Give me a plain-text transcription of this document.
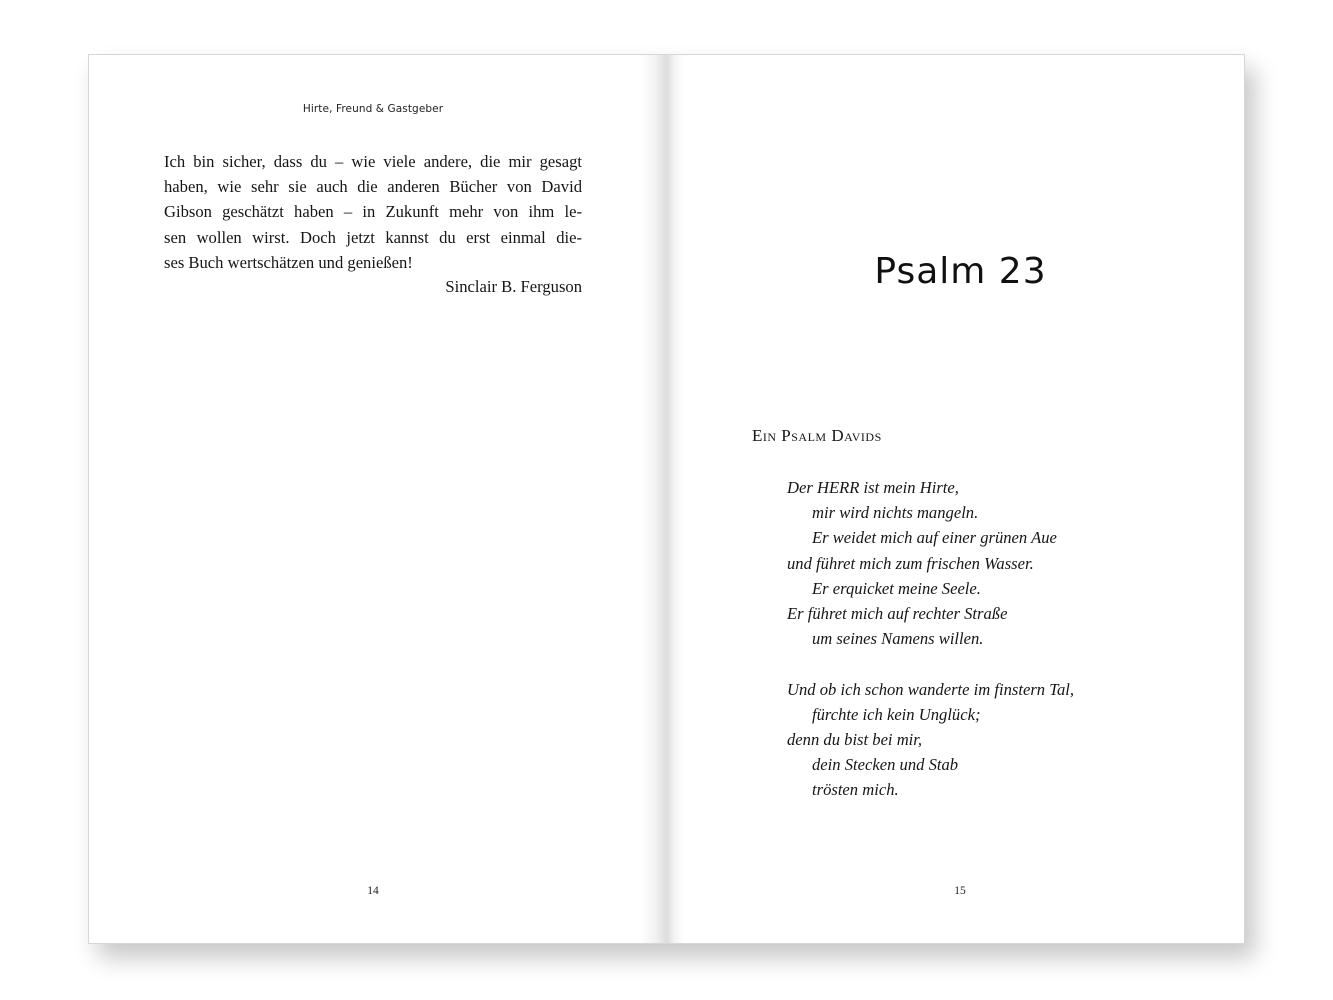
Hirte, Freund & Gastgeber

Ich bin sicher, dass du – wie viele andere, die mir gesagt

haben, wie sehr sie auch die anderen Bücher von David

Gibson geschätzt haben – in Zukunft mehr von ihm le-

sen wollen wirst. Doch jetzt kannst du erst einmal die-

ses Buch wertschätzen und genießen!

Sinclair B. Ferguson
14
Psalm 23
Ein Psalm Davids
Der HERR ist mein Hirte,
mir wird nichts mangeln.
Er weidet mich auf einer grünen Aue
und führet mich zum frischen Wasser.
Er erquicket meine Seele.
Er führet mich auf rechter Straße
um seines Namens willen.
Und ob ich schon wanderte im finstern Tal,
fürchte ich kein Unglück;
denn du bist bei mir,
dein Stecken und Stab
trösten mich.
15
